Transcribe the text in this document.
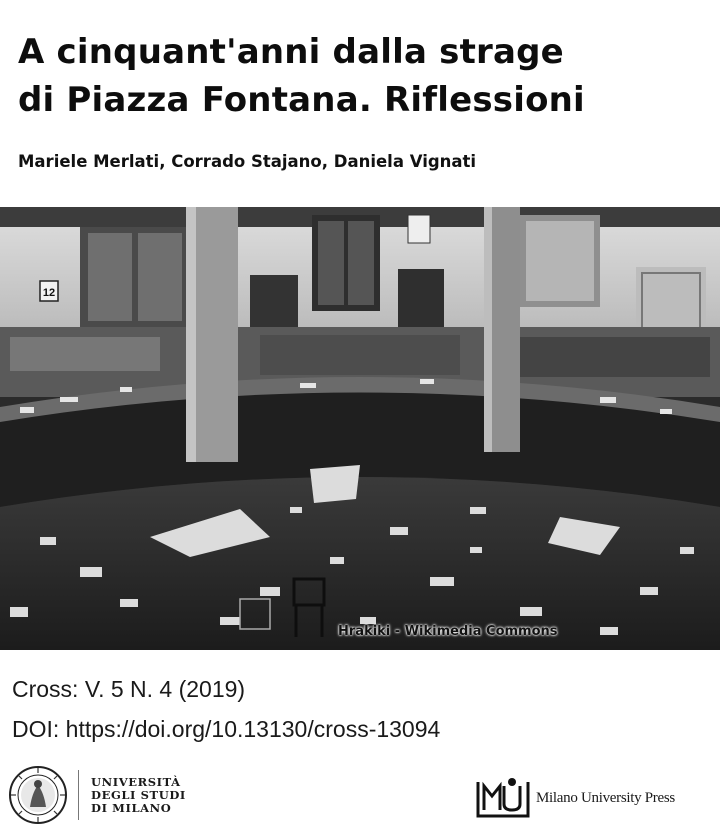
A cinquant'anni dalla strage
di Piazza Fontana. Riflessioni
Mariele Merlati, Corrado Stajano, Daniela Vignati
12
Hrakiki - Wikimedia Commons
Cross: V. 5 N. 4 (2019)
DOI: https://doi.org/10.13130/cross-13094
UNIVERSITÀ
DEGLI STUDI
DI MILANO
Milano University Press
